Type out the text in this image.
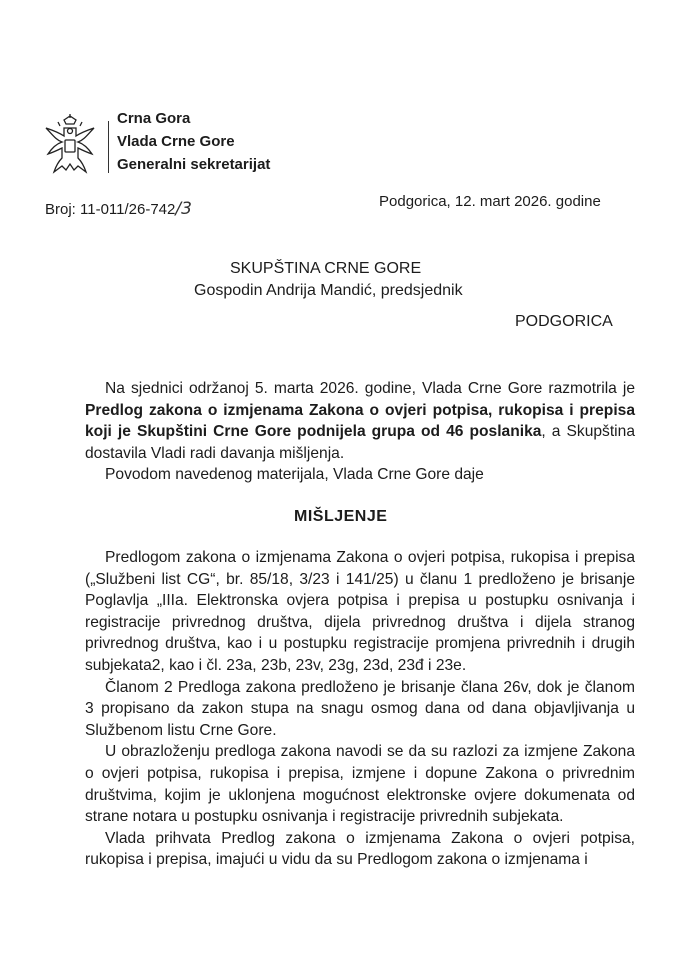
Crna Gora
Vlada Crne Gore
Generalni sekretarijat
Broj: 11-011/26-742/3	Podgorica, 12. mart 2026. godine
SKUPŠTINA CRNE GORE
Gospodin Andrija Mandić, predsjednik
PODGORICA

Na sjednici održanoj 5. marta 2026. godine, Vlada Crne Gore razmotrila je Predlog zakona o izmjenama Zakona o ovjeri potpisa, rukopisa i prepisa koji je Skupštini Crne Gore podnijela grupa od 46 poslanika, a Skupština dostavila Vladi radi davanja mišljenja.

Povodom navedenog materijala, Vlada Crne Gore daje

MIŠLJENJE

Predlogom zakona o izmjenama Zakona o ovjeri potpisa, rukopisa i prepisa („Službeni list CG“, br. 85/18, 3/23 i 141/25) u članu 1 predloženo je brisanje Poglavlja „IIIa. Elektronska ovjera potpisa i prepisa u postupku osnivanja i registracije privrednog društva, dijela privrednog društva i dijela stranog privrednog društva, kao i u postupku registracije promjena privrednih i drugih subjekata2, kao i čl. 23a, 23b, 23v, 23g, 23d, 23đ i 23e.

Članom 2 Predloga zakona predloženo je brisanje člana 26v, dok je članom 3 propisano da zakon stupa na snagu osmog dana od dana objavljivanja u Službenom listu Crne Gore.

U obrazloženju predloga zakona navodi se da su razlozi za izmjene Zakona o ovjeri potpisa, rukopisa i prepisa, izmjene i dopune Zakona o privrednim društvima, kojim je uklonjena mogućnost elektronske ovjere dokumenata od strane notara u postupku osnivanja i registracije privrednih subjekata.

Vlada prihvata Predlog zakona o izmjenama Zakona o ovjeri potpisa, rukopisa i prepisa, imajući u vidu da su Predlogom zakona o izmjenama i
